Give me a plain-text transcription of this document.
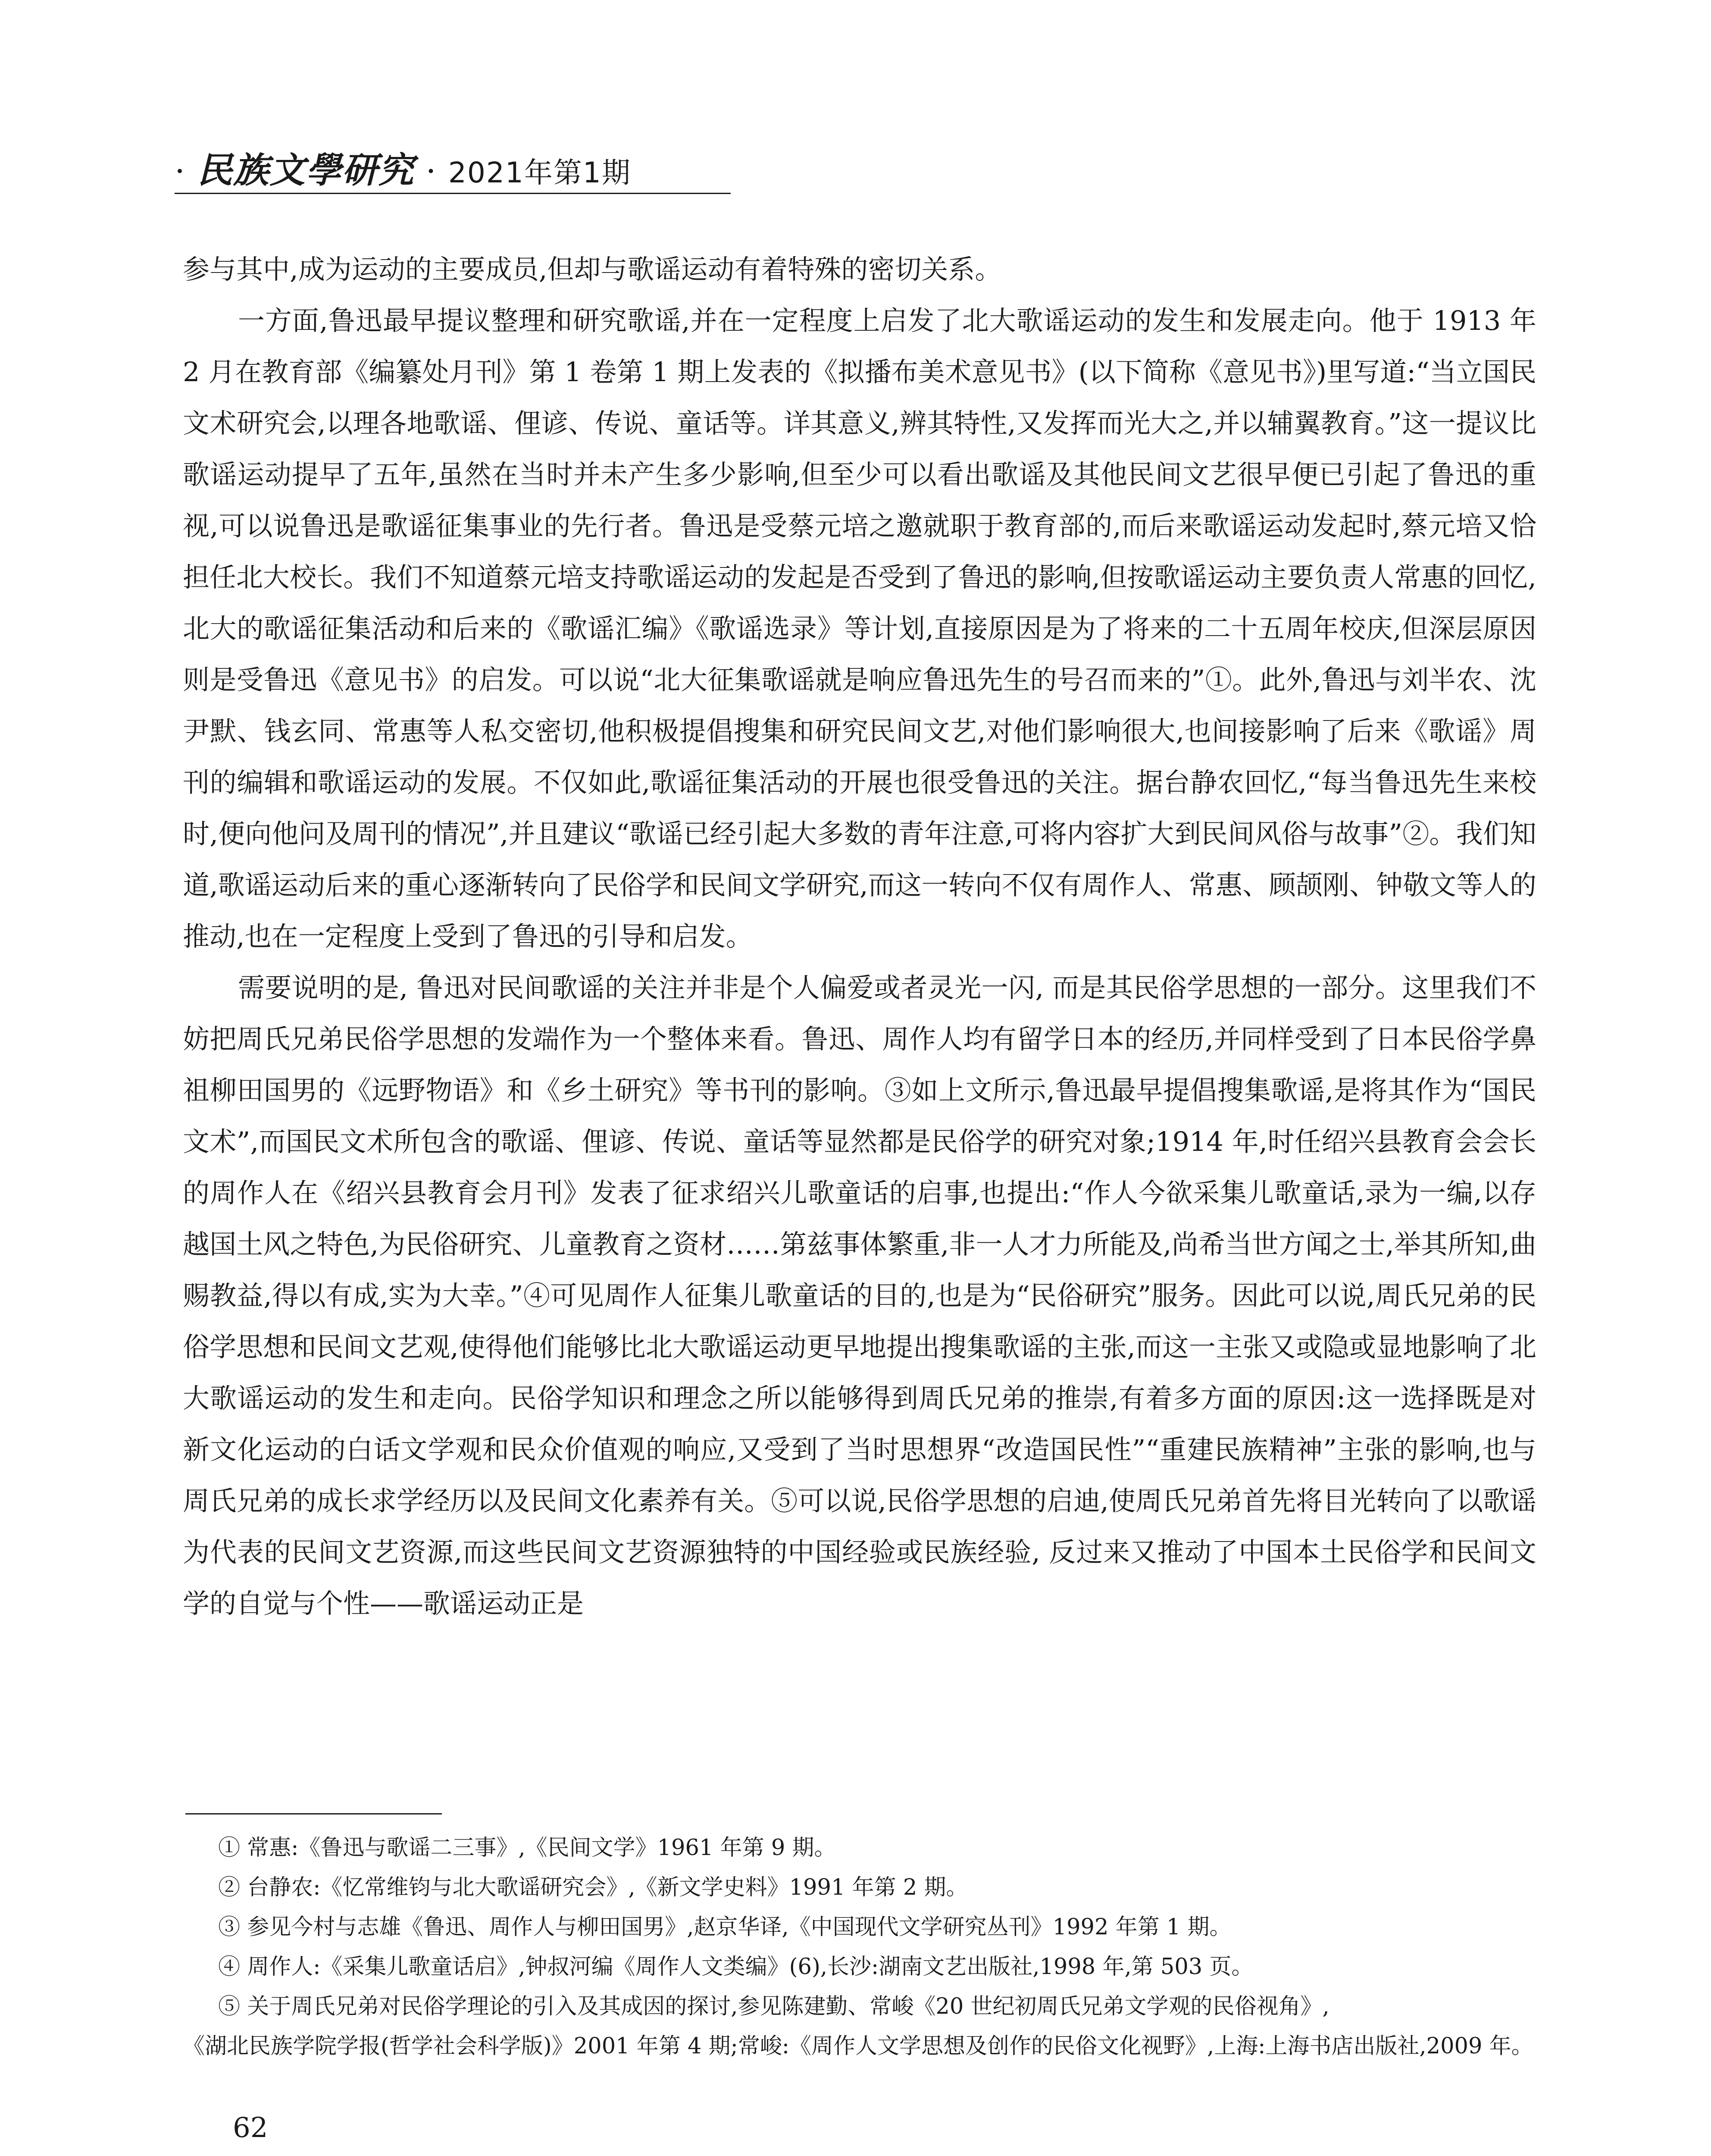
· 民族文學研究 · 2021年第1期

参与其中,成为运动的主要成员,但却与歌谣运动有着特殊的密切关系。

一方面,鲁迅最早提议整理和研究歌谣,并在一定程度上启发了北大歌谣运动的发生和发展走向。他于 1913 年 2 月在教育部《编纂处月刊》第 1 卷第 1 期上发表的《拟播布美术意见书》(以下简称《意见书》)里写道:“当立国民文术研究会,以理各地歌谣、俚谚、传说、童话等。详其意义,辨其特性,又发挥而光大之,并以辅翼教育。”这一提议比歌谣运动提早了五年,虽然在当时并未产生多少影响,但至少可以看出歌谣及其他民间文艺很早便已引起了鲁迅的重视,可以说鲁迅是歌谣征集事业的先行者。鲁迅是受蔡元培之邀就职于教育部的,而后来歌谣运动发起时,蔡元培又恰担任北大校长。我们不知道蔡元培支持歌谣运动的发起是否受到了鲁迅的影响,但按歌谣运动主要负责人常惠的回忆,北大的歌谣征集活动和后来的《歌谣汇编》《歌谣选录》等计划,直接原因是为了将来的二十五周年校庆,但深层原因则是受鲁迅《意见书》的启发。可以说“北大征集歌谣就是响应鲁迅先生的号召而来的”①。此外,鲁迅与刘半农、沈尹默、钱玄同、常惠等人私交密切,他积极提倡搜集和研究民间文艺,对他们影响很大,也间接影响了后来《歌谣》周刊的编辑和歌谣运动的发展。不仅如此,歌谣征集活动的开展也很受鲁迅的关注。据台静农回忆,“每当鲁迅先生来校时,便向他问及周刊的情况”,并且建议“歌谣已经引起大多数的青年注意,可将内容扩大到民间风俗与故事”②。我们知道,歌谣运动后来的重心逐渐转向了民俗学和民间文学研究,而这一转向不仅有周作人、常惠、顾颉刚、钟敬文等人的推动,也在一定程度上受到了鲁迅的引导和启发。

需要说明的是, 鲁迅对民间歌谣的关注并非是个人偏爱或者灵光一闪, 而是其民俗学思想的一部分。这里我们不妨把周氏兄弟民俗学思想的发端作为一个整体来看。鲁迅、周作人均有留学日本的经历,并同样受到了日本民俗学鼻祖柳田国男的《远野物语》和《乡土研究》等书刊的影响。③如上文所示,鲁迅最早提倡搜集歌谣,是将其作为“国民文术”,而国民文术所包含的歌谣、俚谚、传说、童话等显然都是民俗学的研究对象;1914 年,时任绍兴县教育会会长的周作人在《绍兴县教育会月刊》发表了征求绍兴儿歌童话的启事,也提出:“作人今欲采集儿歌童话,录为一编,以存越国土风之特色,为民俗研究、儿童教育之资材……第兹事体繁重,非一人才力所能及,尚希当世方闻之士,举其所知,曲赐教益,得以有成,实为大幸。”④可见周作人征集儿歌童话的目的,也是为“民俗研究”服务。因此可以说,周氏兄弟的民俗学思想和民间文艺观,使得他们能够比北大歌谣运动更早地提出搜集歌谣的主张,而这一主张又或隐或显地影响了北大歌谣运动的发生和走向。民俗学知识和理念之所以能够得到周氏兄弟的推崇,有着多方面的原因:这一选择既是对新文化运动的白话文学观和民众价值观的响应,又受到了当时思想界“改造国民性”“重建民族精神”主张的影响,也与周氏兄弟的成长求学经历以及民间文化素养有关。⑤可以说,民俗学思想的启迪,使周氏兄弟首先将目光转向了以歌谣为代表的民间文艺资源,而这些民间文艺资源独特的中国经验或民族经验, 反过来又推动了中国本土民俗学和民间文学的自觉与个性——歌谣运动正是

① 常惠:《鲁迅与歌谣二三事》,《民间文学》1961 年第 9 期。

② 台静农:《忆常维钧与北大歌谣研究会》,《新文学史料》1991 年第 2 期。

③ 参见今村与志雄《鲁迅、周作人与柳田国男》,赵京华译,《中国现代文学研究丛刊》1992 年第 1 期。

④ 周作人:《采集儿歌童话启》,钟叔河编《周作人文类编》(6),长沙:湖南文艺出版社,1998 年,第 503 页。

⑤ 关于周氏兄弟对民俗学理论的引入及其成因的探讨,参见陈建勤、常峻《20 世纪初周氏兄弟文学观的民俗视角》,
《湖北民族学院学报(哲学社会科学版)》2001 年第 4 期;常峻:《周作人文学思想及创作的民俗文化视野》,上海:上海书店出版社,2009 年。

62
